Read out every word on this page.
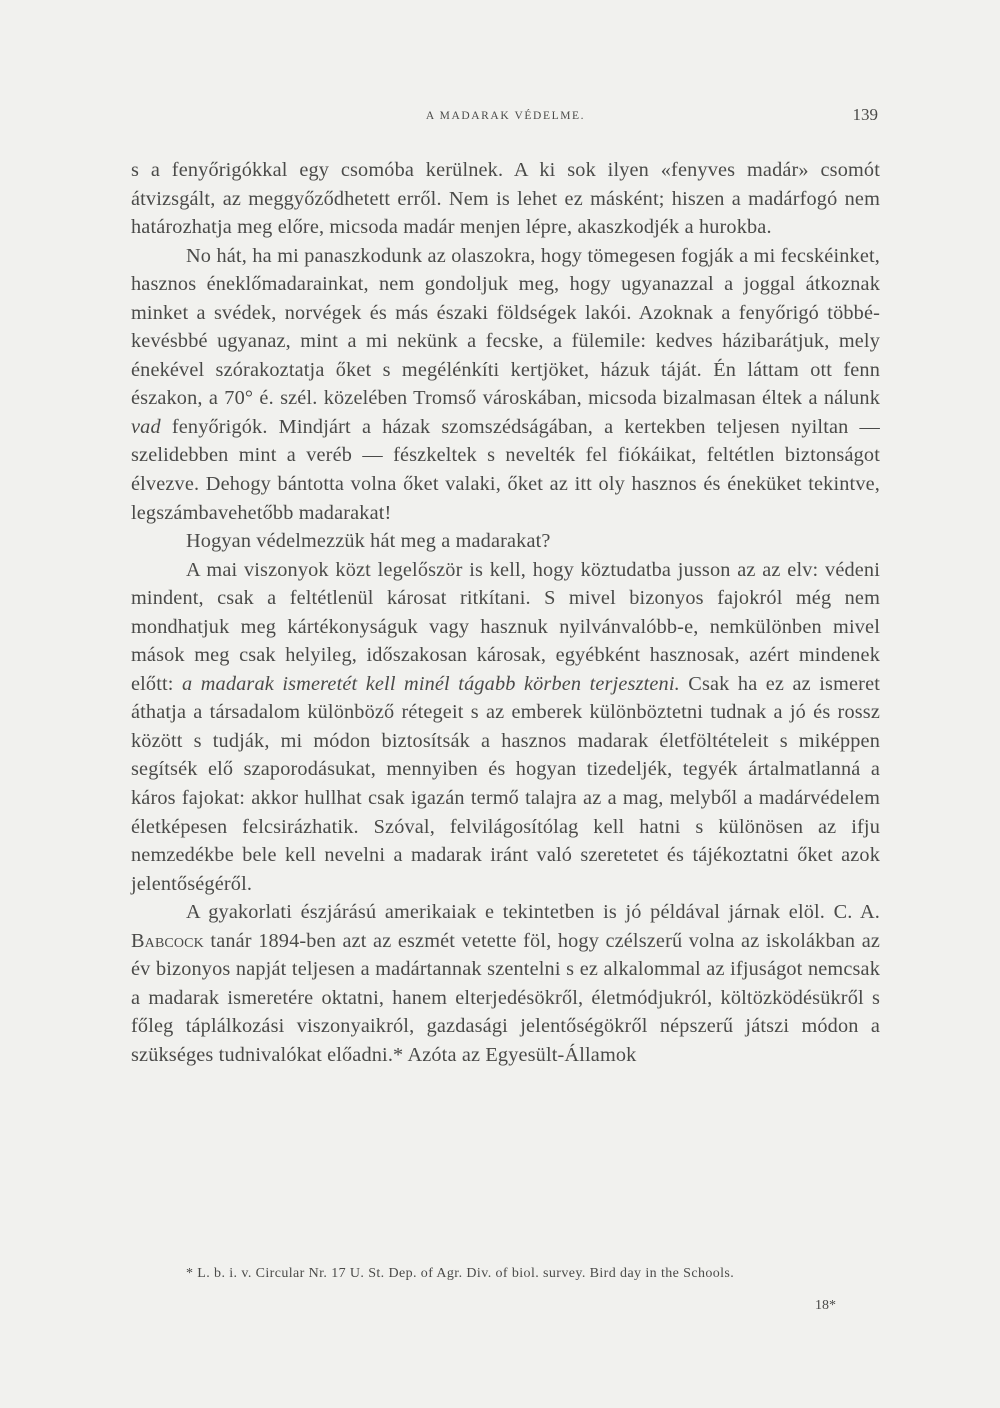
A MADARAK VÉDELME.	139

s a fenyőrigókkal egy csomóba kerülnek. A ki sok ilyen «fenyves madár» csomót átvizsgált, az meggyőződhetett erről. Nem is lehet ez másként; hiszen a madárfogó nem határozhatja meg előre, micsoda madár menjen lépre, akaszkodjék a hurokba.

No hát, ha mi panaszkodunk az olaszokra, hogy tömegesen fogják a mi fecskéinket, hasznos éneklőmadarainkat, nem gondoljuk meg, hogy ugyanazzal a joggal átkoznak minket a svédek, norvégek és más északi földségek lakói. Azoknak a fenyőrigó többé-kevésbbé ugyanaz, mint a mi nekünk a fecske, a fülemile: kedves házibarátjuk, mely énekével szórakoztatja őket s megélénkíti kertjöket, házuk táját. Én láttam ott fenn északon, a 70° é. szél. közelében Tromső városkában, micsoda bizalmasan éltek a nálunk vad fenyőrigók. Mindjárt a házak szomszédságában, a kertekben teljesen nyiltan — szelidebben mint a veréb — fészkeltek s nevelték fel fiókáikat, feltétlen biztonságot élvezve. Dehogy bántotta volna őket valaki, őket az itt oly hasznos és éneküket tekintve, legszámbavehetőbb madarakat!

Hogyan védelmezzük hát meg a madarakat?

A mai viszonyok közt legelőször is kell, hogy köztudatba jusson az az elv: védeni mindent, csak a feltétlenül károsat ritkítani. S mivel bizonyos fajokról még nem mondhatjuk meg kártékonyságuk vagy hasznuk nyilvánvalóbb-e, nemkülönben mivel mások meg csak helyileg, időszakosan károsak, egyébként hasznosak, azért mindenek előtt: a madarak ismeretét kell minél tágabb körben terjeszteni. Csak ha ez az ismeret áthatja a társadalom különböző rétegeit s az emberek különböztetni tudnak a jó és rossz között s tudják, mi módon biztosítsák a hasznos madarak életföltételeit s miképpen segítsék elő szaporodásukat, mennyiben és hogyan tizedeljék, tegyék ártalmatlanná a káros fajokat: akkor hullhat csak igazán termő talajra az a mag, melyből a madárvédelem életképesen felcsirázhatik. Szóval, felvilágosítólag kell hatni s különösen az ifju nemzedékbe bele kell nevelni a madarak iránt való szeretetet és tájékoztatni őket azok jelentőségéről.

A gyakorlati észjárású amerikaiak e tekintetben is jó példával járnak elöl. C. A. Babcock tanár 1894-ben azt az eszmét vetette föl, hogy czélszerű volna az iskolákban az év bizonyos napját teljesen a madártannak szentelni s ez alkalommal az ifjuságot nemcsak a madarak ismeretére oktatni, hanem elterjedésökről, életmódjukról, költözködésükről s főleg táplálkozási viszonyaikról, gazdasági jelentőségökről népszerű játszi módon a szükséges tudnivalókat előadni.* Azóta az Egyesült-Államok

* L. b. i. v. Circular Nr. 17 U. St. Dep. of Agr. Div. of biol. survey. Bird day in the Schools.
18*
